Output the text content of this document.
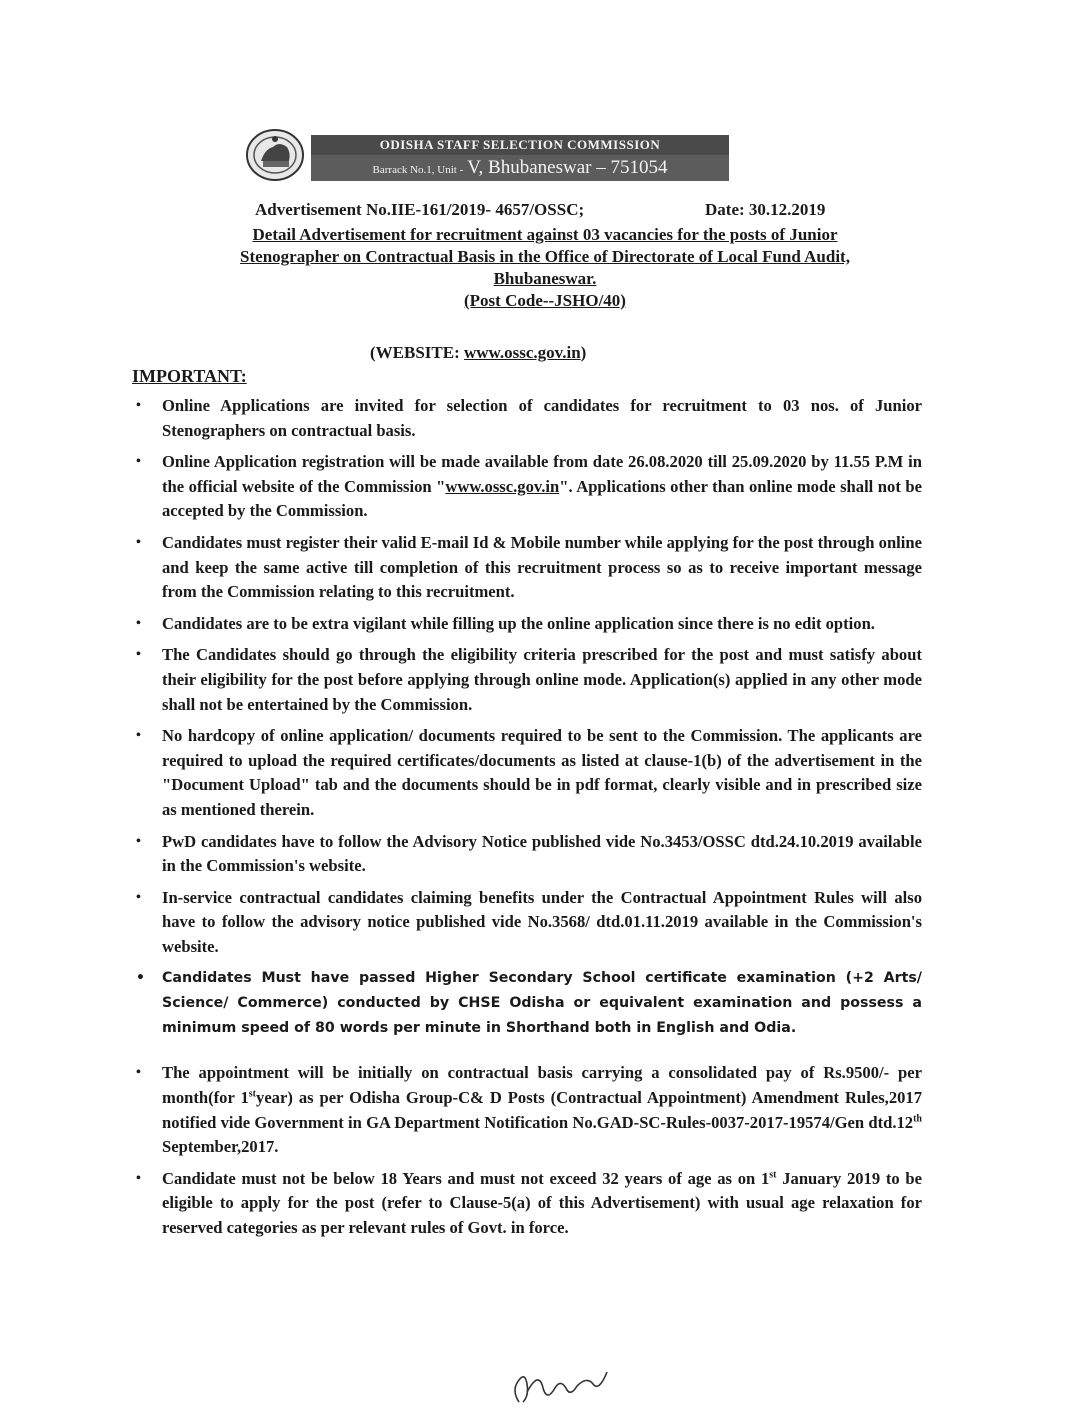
ODISHA STAFF SELECTION COMMISSION
Barrack No.1, Unit - V, Bhubaneswar – 751054
Advertisement No.IIE-161/2019- 4657/OSSC;	Date: 30.12.2019
Detail Advertisement for recruitment against 03 vacancies for the posts of Junior
Stenographer on Contractual Basis in the Office of Directorate of Local Fund Audit,
Bhubaneswar.
(Post Code--JSHO/40)
(WEBSITE: www.ossc.gov.in)
IMPORTANT:
• Online Applications are invited for selection of candidates for recruitment to 03 nos. of Junior Stenographers on contractual basis.
• Online Application registration will be made available from date 26.08.2020 till 25.09.2020 by 11.55 P.M in the official website of the Commission "www.ossc.gov.in". Applications other than online mode shall not be accepted by the Commission.
• Candidates must register their valid E-mail Id & Mobile number while applying for the post through online and keep the same active till completion of this recruitment process so as to receive important message from the Commission relating to this recruitment.
• Candidates are to be extra vigilant while filling up the online application since there is no edit option.
• The Candidates should go through the eligibility criteria prescribed for the post and must satisfy about their eligibility for the post before applying through online mode. Application(s) applied in any other mode shall not be entertained by the Commission.
• No hardcopy of online application/ documents required to be sent to the Commission. The applicants are required to upload the required certificates/documents as listed at clause-1(b) of the advertisement in the "Document Upload" tab and the documents should be in pdf format, clearly visible and in prescribed size as mentioned therein.
• PwD candidates have to follow the Advisory Notice published vide No.3453/OSSC dtd.24.10.2019 available in the Commission's website.
• In-service contractual candidates claiming benefits under the Contractual Appointment Rules will also have to follow the advisory notice published vide No.3568/ dtd.01.11.2019 available in the Commission's website.
• Candidates Must have passed Higher Secondary School certificate examination (+2 Arts/ Science/ Commerce) conducted by CHSE Odisha or equivalent examination and possess a minimum speed of 80 words per minute in Shorthand both in English and Odia.
• The appointment will be initially on contractual basis carrying a consolidated pay of Rs.9500/- per month(for 1styear) as per Odisha Group-C& D Posts (Contractual Appointment) Amendment Rules,2017 notified vide Government in GA Department Notification No.GAD-SC-Rules-0037-2017-19574/Gen dtd.12th September,2017.
• Candidate must not be below 18 Years and must not exceed 32 years of age as on 1st January 2019 to be eligible to apply for the post (refer to Clause-5(a) of this Advertisement) with usual age relaxation for reserved categories as per relevant rules of Govt. in force.
